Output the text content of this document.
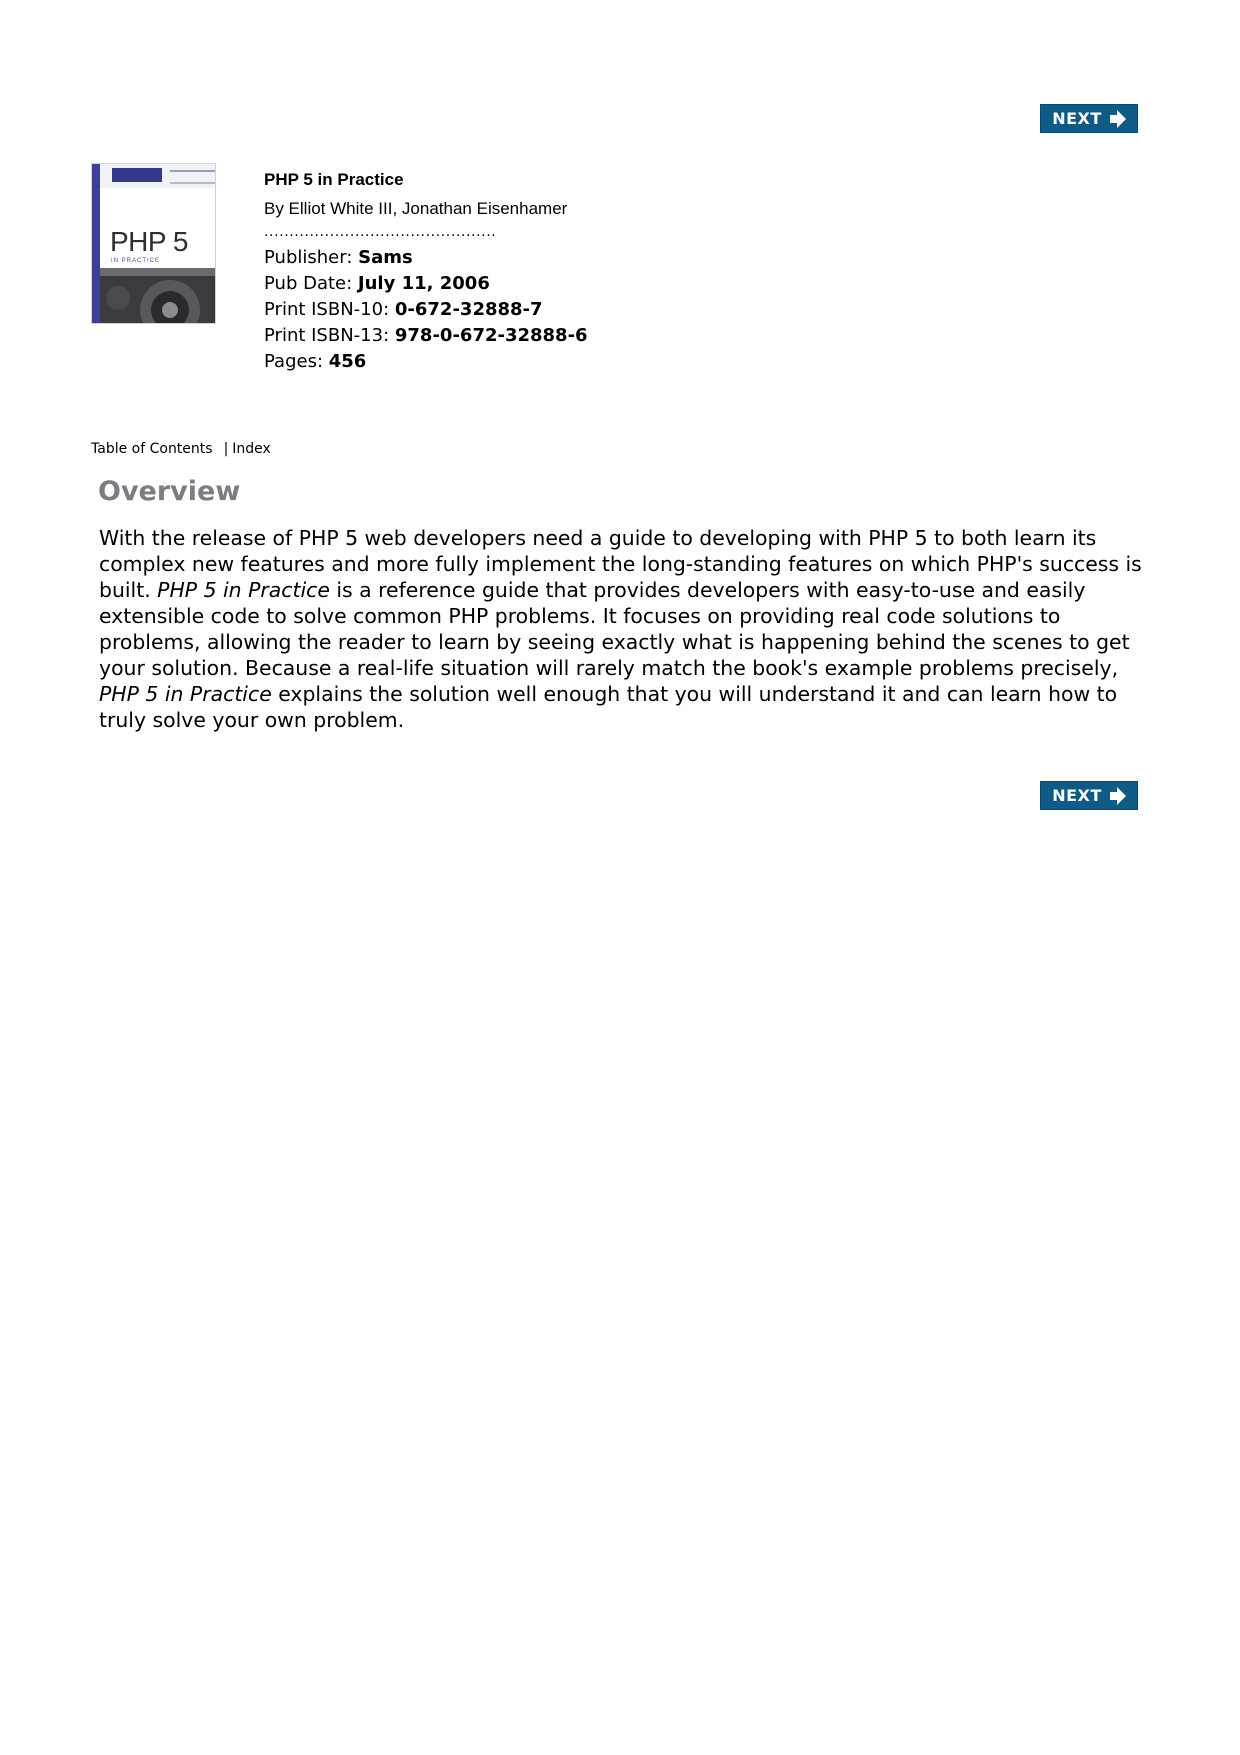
NEXT
PHP 5
IN PRACTICE
PHP 5 in Practice
By Elliot White III, Jonathan Eisenhamer
..............................................
Publisher: Sams
Pub Date: July 11, 2006
Print ISBN-10: 0-672-32888-7
Print ISBN-13: 978-0-672-32888-6
Pages: 456
Table of Contents | Index
Overview

With the release of PHP 5 web developers need a guide to developing with PHP 5 to both learn its complex new features and more fully implement the long-standing features on which PHP's success is built. PHP 5 in Practice is a reference guide that provides developers with easy-to-use and easily extensible code to solve common PHP problems. It focuses on providing real code solutions to problems, allowing the reader to learn by seeing exactly what is happening behind the scenes to get your solution. Because a real-life situation will rarely match the book's example problems precisely, PHP 5 in Practice explains the solution well enough that you will understand it and can learn how to truly solve your own problem.

NEXT
